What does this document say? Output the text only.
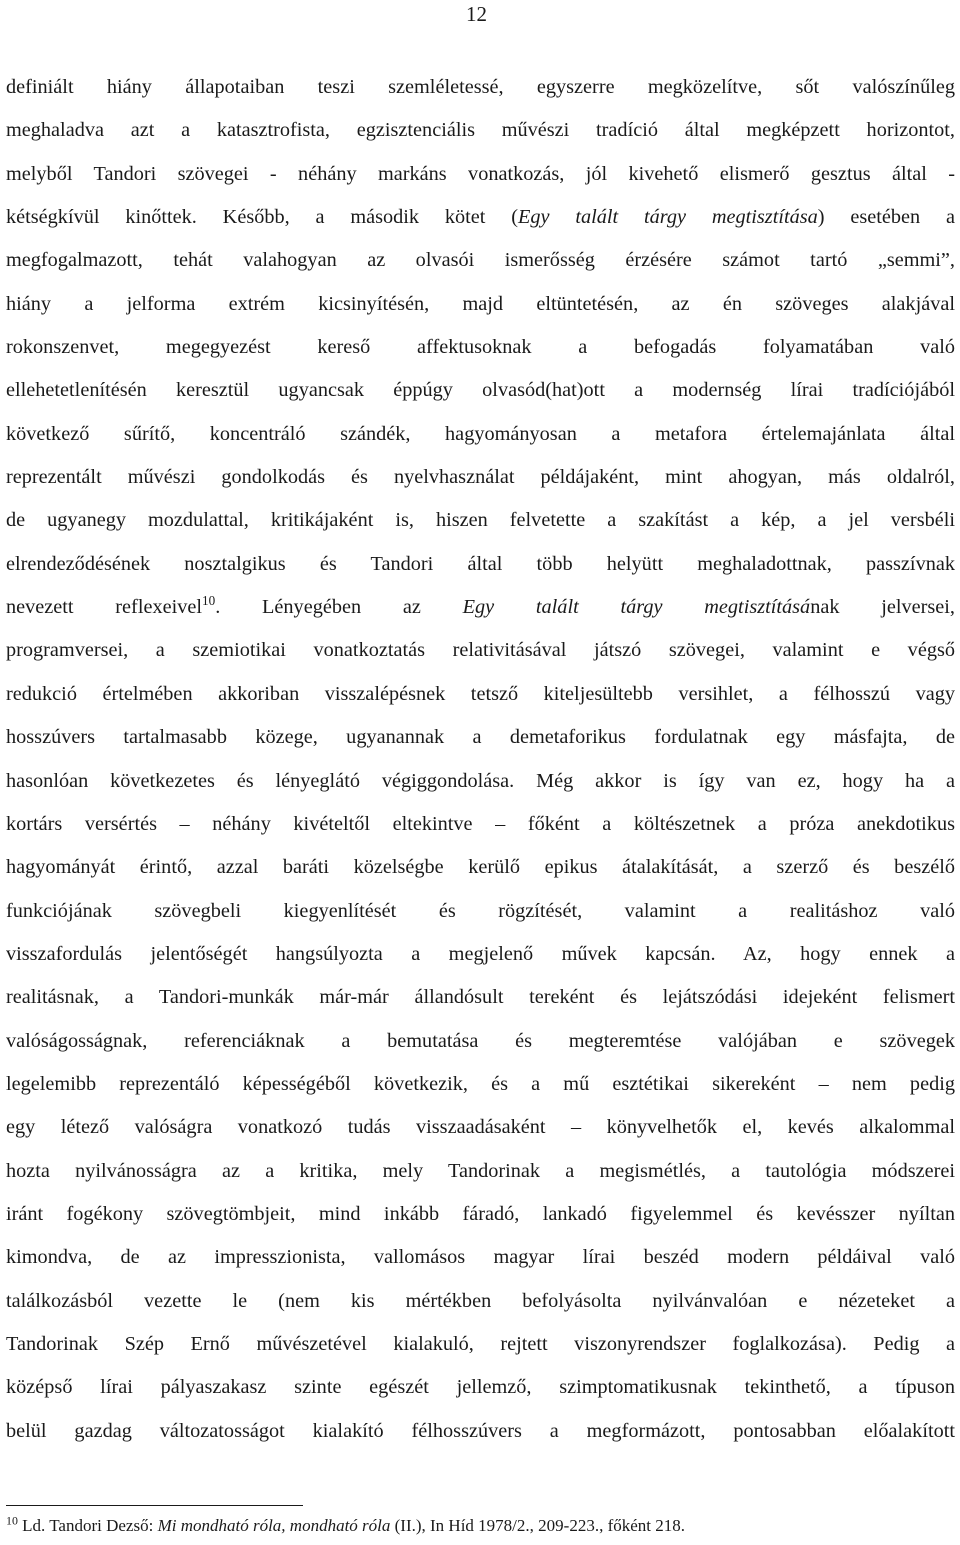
12
definiált hiány állapotaiban teszi szemléletessé, egyszerre megközelítve, sőt valószínűleg
meghaladva azt a katasztrofista, egzisztenciális művészi tradíció által megképzett horizontot,
melyből Tandori szövegei - néhány markáns vonatkozás, jól kivehető elismerő gesztus által -
kétségkívül kinőttek. Később, a második kötet (Egy talált tárgy megtisztítása) esetében a
megfogalmazott, tehát valahogyan az olvasói ismerősség érzésére számot tartó „semmi”,
hiány a jelforma extrém kicsinyítésén, majd eltüntetésén, az én szöveges alakjával
rokonszenvet, megegyezést kereső affektusoknak a befogadás folyamatában való
ellehetetlenítésén keresztül ugyancsak éppúgy olvasód(hat)ott a modernség lírai tradíciójából
következő sűrítő, koncentráló szándék, hagyományosan a metafora értelemajánlata által
reprezentált művészi gondolkodás és nyelvhasználat példájaként, mint ahogyan, más oldalról,
de ugyanegy mozdulattal, kritikájaként is, hiszen felvetette a szakítást a kép, a jel versbéli
elrendeződésének nosztalgikus és Tandori által több helyütt meghaladottnak, passzívnak
nevezett reflexeivel$^{10}$. Lényegében az Egy talált tárgy megtisztításának jelversei,
programversei, a szemiotikai vonatkoztatás relativitásával játszó szövegei, valamint e végső
redukció értelmében akkoriban visszalépésnek tetsző kiteljesültebb versihlet, a félhosszú vagy
hosszúvers tartalmasabb közege, ugyanannak a demetaforikus fordulatnak egy másfajta, de
hasonlóan következetes és lényeglátó végiggondolása. Még akkor is így van ez, hogy ha a
kortárs versértés – néhány kivételtől eltekintve – főként a költészetnek a próza anekdotikus
hagyományát érintő, azzal baráti közelségbe kerülő epikus átalakítását, a szerző és beszélő
funkciójának szövegbeli kiegyenlítését és rögzítését, valamint a realitáshoz való
visszafordulás jelentőségét hangsúlyozta a megjelenő művek kapcsán. Az, hogy ennek a
realitásnak, a Tandori-munkák már-már állandósult tereként és lejátszódási idejeként felismert
valóságosságnak, referenciáknak a bemutatása és megteremtése valójában e szövegek
legelemibb reprezentáló képességéből következik, és a mű esztétikai sikereként – nem pedig
egy létező valóságra vonatkozó tudás visszaadásaként – könyvelhetők el, kevés alkalommal
hozta nyilvánosságra az a kritika, mely Tandorinak a megismétlés, a tautológia módszerei
iránt fogékony szövegtömbjeit, mind inkább fáradó, lankadó figyelemmel és kevésszer nyíltan
kimondva, de az impresszionista, vallomásos magyar lírai beszéd modern példáival való
találkozásból vezette le (nem kis mértékben befolyásolta nyilvánvalóan e nézeteket a
Tandorinak Szép Ernő művészetével kialakuló, rejtett viszonyrendszer foglalkozása). Pedig a
középső lírai pályaszakasz szinte egészét jellemző, szimptomatikusnak tekinthető, a típuson
belül gazdag változatosságot kialakító félhosszúvers a megformázott, pontosabban előalakított
$^{10}$ Ld. Tandori Dezső: Mi mondható róla, mondható róla (II.), In Híd 1978/2., 209-223., főként 218.
